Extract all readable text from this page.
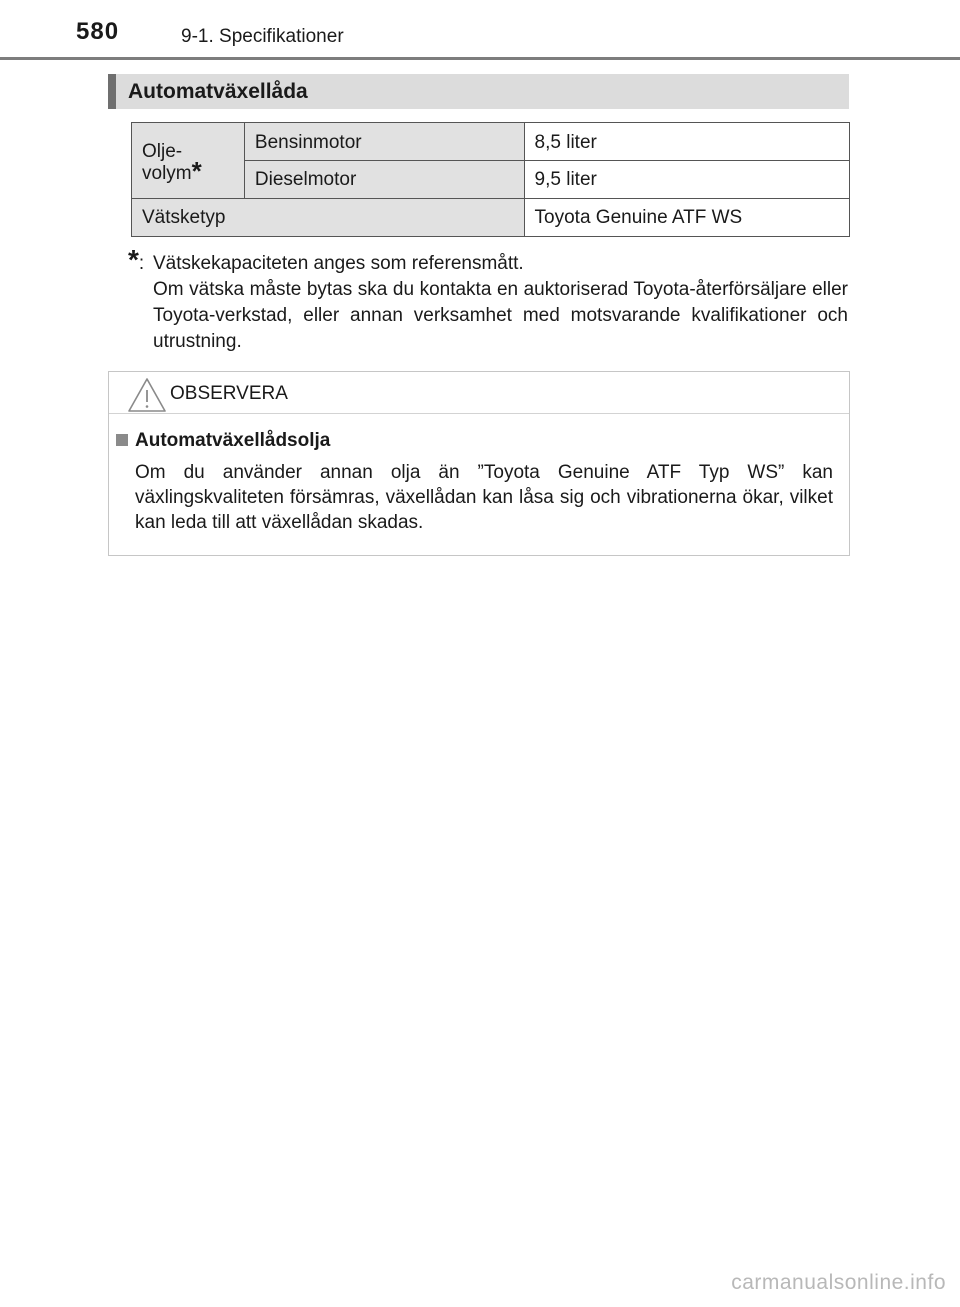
580	9-1. Specifikationer
Automatväxellåda
Olje-
volym*	Bensinmotor	8,5 liter
	Dieselmotor	9,5 liter
Vätsketyp		Toyota Genuine ATF WS
*: Vätskekapaciteten anges som referensmått.
Om vätska måste bytas ska du kontakta en auktoriserad Toyota-återförsäljare eller Toyota-verkstad, eller annan verksamhet med motsvarande kvalifikationer och utrustning.
OBSERVERA
Automatväxellådsolja
Om du använder annan olja än ”Toyota Genuine ATF Typ WS” kan växlingskvaliteten försämras, växellådan kan låsa sig och vibrationerna ökar, vilket kan leda till att växellådan skadas.
carmanualsonline.info
